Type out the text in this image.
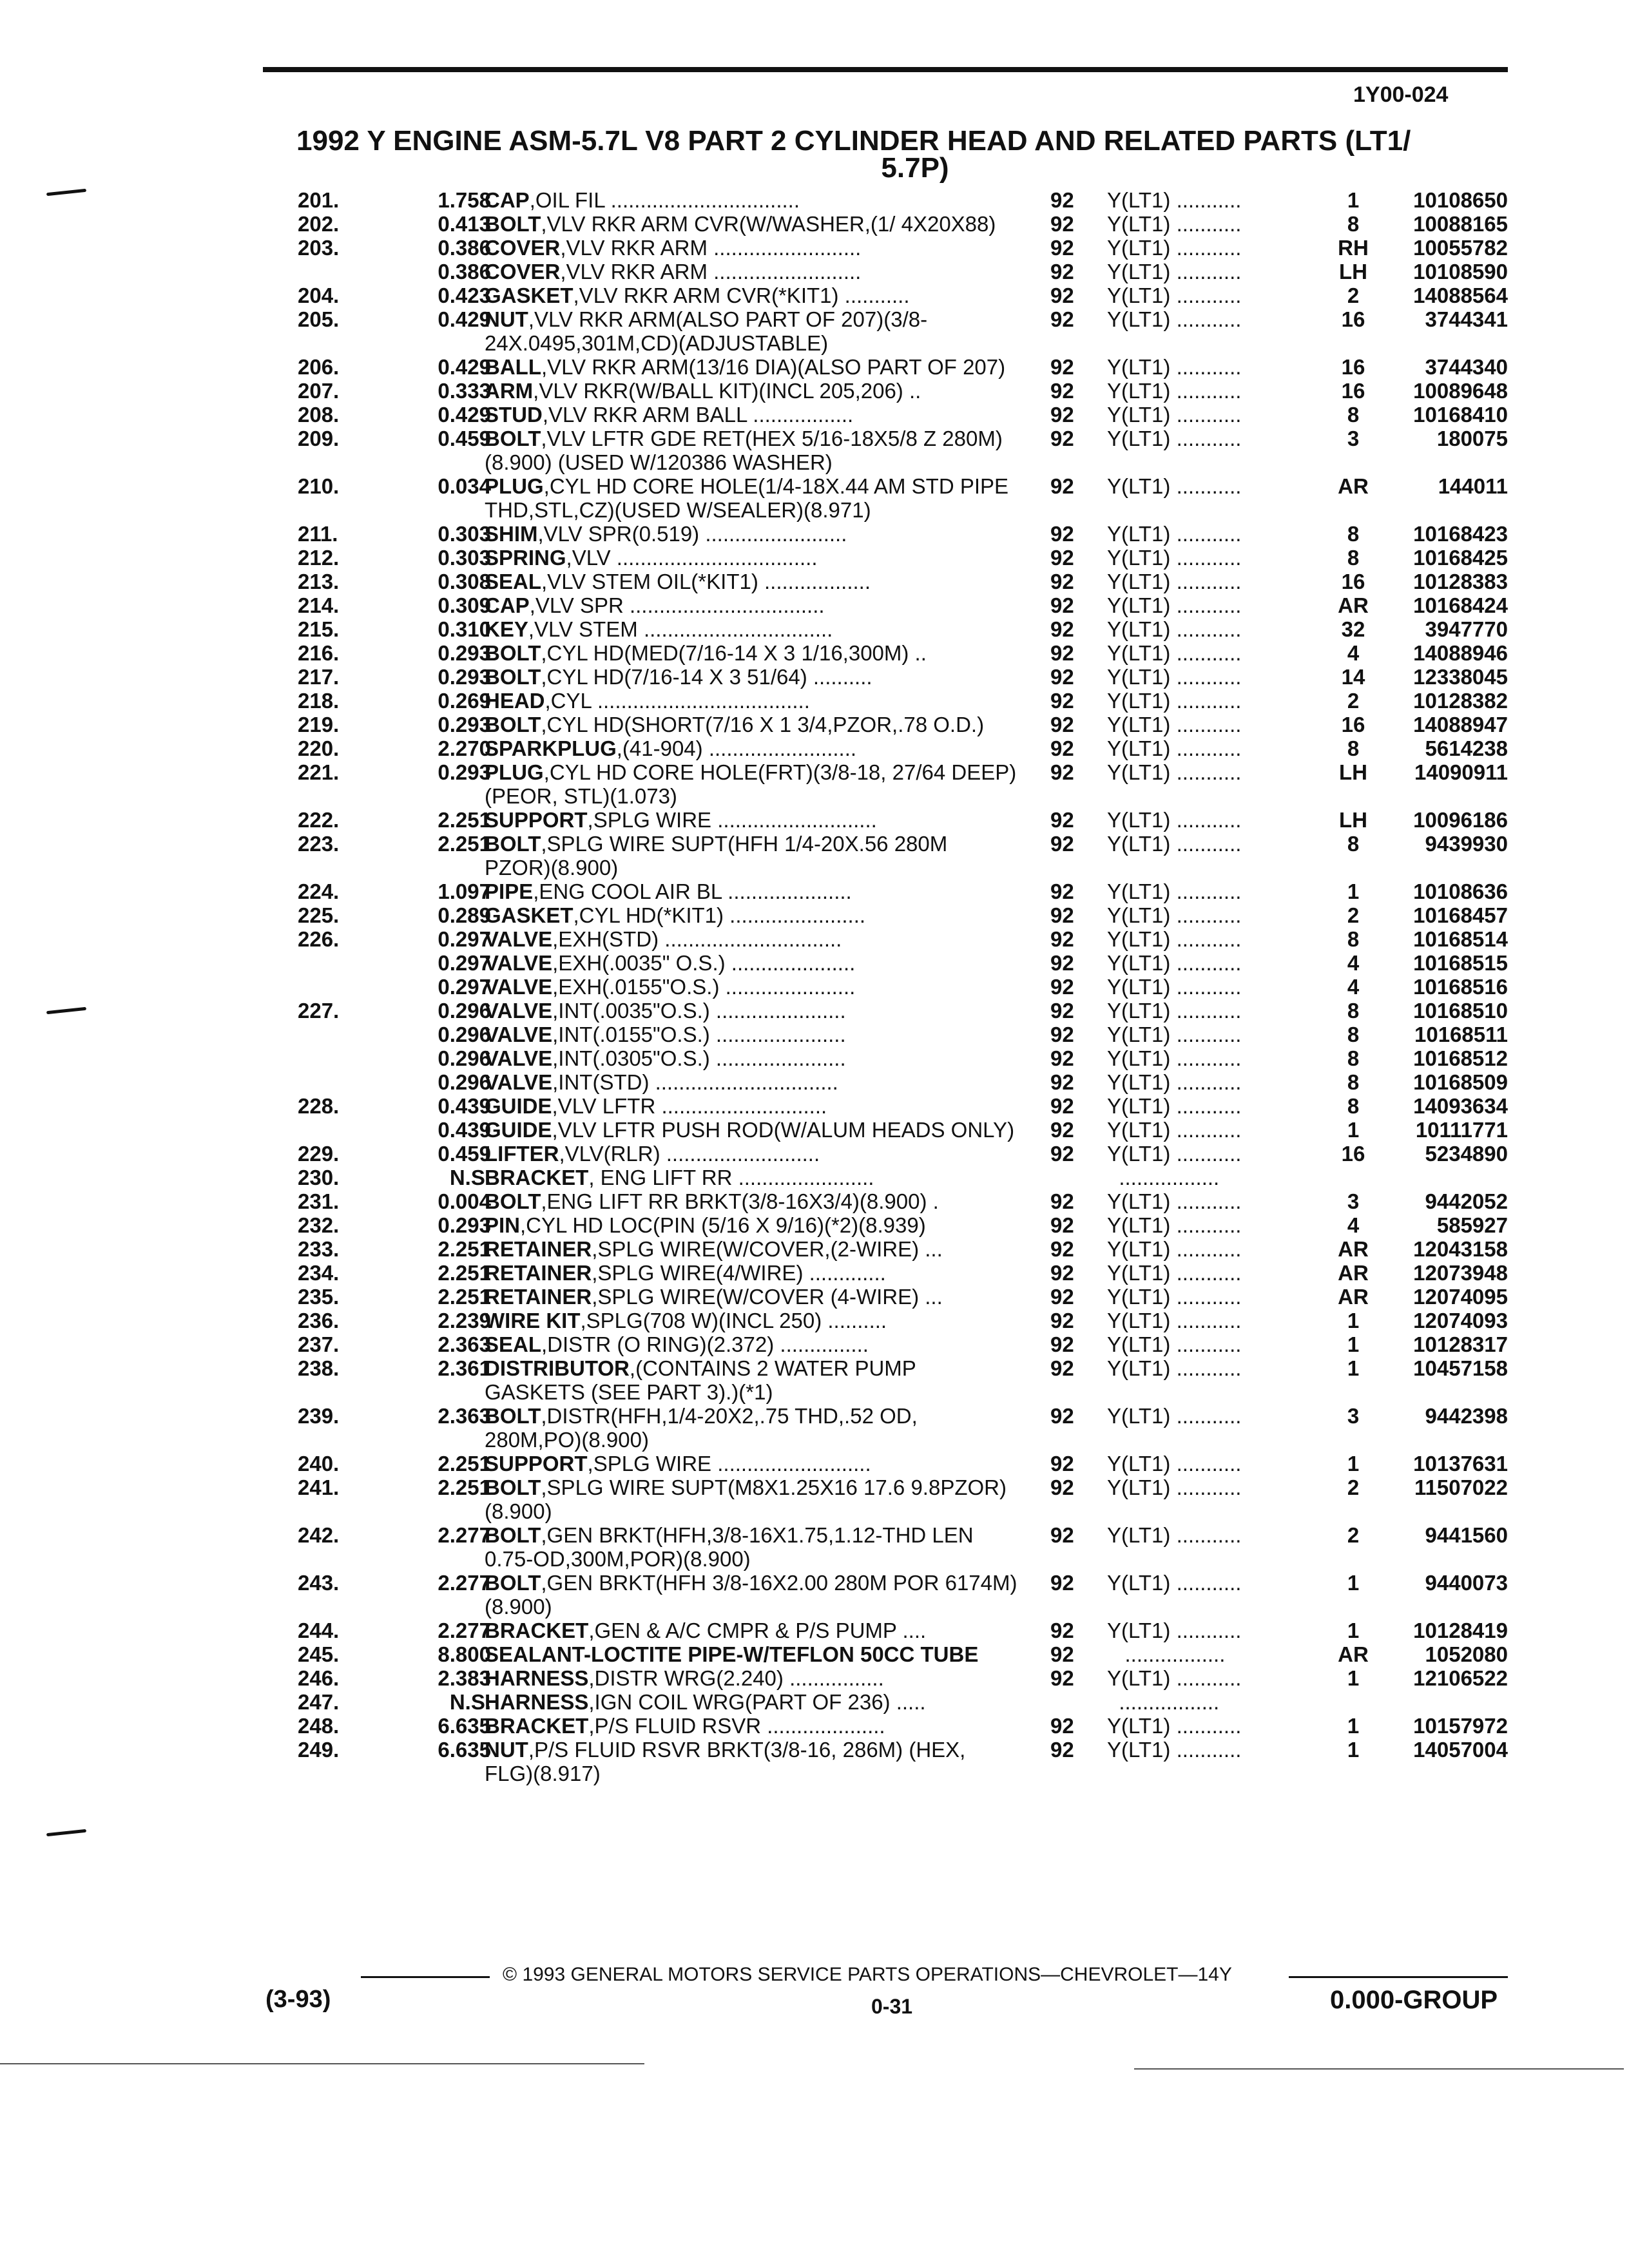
1Y00-024
1992 Y ENGINE ASM-5.7L V8 PART 2 CYLINDER HEAD AND RELATED PARTS (LT1/
5.7P)
201.	1.758	92	Y(LT1) ...........	1	10108650
CAP,OIL FIL ................................
202.	0.413	92	Y(LT1) ...........	8	10088165
BOLT,VLV RKR ARM CVR(W/WASHER,(1/ 4X20X88)
203.	0.386	92	Y(LT1) ...........	RH	10055782
COVER,VLV RKR ARM .........................
0.386	92	Y(LT1) ...........	LH	10108590
COVER,VLV RKR ARM .........................
204.	0.423	92	Y(LT1) ...........	2	14088564
GASKET,VLV RKR ARM CVR(*KIT1) ...........
205.	0.429	92	Y(LT1) ...........	16	3744341
NUT,VLV RKR ARM(ALSO PART OF 207)(3/8- 24X.0495,301M,CD)(ADJUSTABLE)
206.	0.429	92	Y(LT1) ...........	16	3744340
BALL,VLV RKR ARM(13/16 DIA)(ALSO PART OF 207)
207.	0.333	92	Y(LT1) ...........	16	10089648
ARM,VLV RKR(W/BALL KIT)(INCL 205,206) ..
208.	0.429	92	Y(LT1) ...........	8	10168410
STUD,VLV RKR ARM BALL .................
209.	0.459	92	Y(LT1) ...........	3	180075
BOLT,VLV LFTR GDE RET(HEX 5/16-18X5/8 Z 280M)(8.900) (USED W/120386 WASHER)
210.	0.034	92	Y(LT1) ...........	AR	144011
PLUG,CYL HD CORE HOLE(1/4-18X.44 AM STD PIPE THD,STL,CZ)(USED W/SEALER)(8.971)
211.	0.303	92	Y(LT1) ...........	8	10168423
SHIM,VLV SPR(0.519) ........................
212.	0.303	92	Y(LT1) ...........	8	10168425
SPRING,VLV ..................................
213.	0.308	92	Y(LT1) ...........	16	10128383
SEAL,VLV STEM OIL(*KIT1) ..................
214.	0.309	92	Y(LT1) ...........	AR	10168424
CAP,VLV SPR .................................
215.	0.310	92	Y(LT1) ...........	32	3947770
KEY,VLV STEM ................................
216.	0.293	92	Y(LT1) ...........	4	14088946
BOLT,CYL HD(MED(7/16-14 X 3 1/16,300M) ..
217.	0.293	92	Y(LT1) ...........	14	12338045
BOLT,CYL HD(7/16-14 X 3 51/64) ..........
218.	0.269	92	Y(LT1) ...........	2	10128382
HEAD,CYL ....................................
219.	0.293	92	Y(LT1) ...........	16	14088947
BOLT,CYL HD(SHORT(7/16 X 1 3/4,PZOR,.78 O.D.)
220.	2.270	92	Y(LT1) ...........	8	5614238
SPARKPLUG,(41-904) .........................
221.	0.293	92	Y(LT1) ...........	LH	14090911
PLUG,CYL HD CORE HOLE(FRT)(3/8-18, 27/64 DEEP)(PEOR, STL)(1.073)
222.	2.251	92	Y(LT1) ...........	LH	10096186
SUPPORT,SPLG WIRE ...........................
223.	2.251	92	Y(LT1) ...........	8	9439930
BOLT,SPLG WIRE SUPT(HFH 1/4-20X.56 280M PZOR)(8.900)
224.	1.097	92	Y(LT1) ...........	1	10108636
PIPE,ENG COOL AIR BL .....................
225.	0.289	92	Y(LT1) ...........	2	10168457
GASKET,CYL HD(*KIT1) .......................
226.	0.297	92	Y(LT1) ...........	8	10168514
VALVE,EXH(STD) ..............................
0.297	92	Y(LT1) ...........	4	10168515
VALVE,EXH(.0035" O.S.) .....................
0.297	92	Y(LT1) ...........	4	10168516
VALVE,EXH(.0155"O.S.) ......................
227.	0.296	92	Y(LT1) ...........	8	10168510
VALVE,INT(.0035"O.S.) ......................
0.296	92	Y(LT1) ...........	8	10168511
VALVE,INT(.0155"O.S.) ......................
0.296	92	Y(LT1) ...........	8	10168512
VALVE,INT(.0305"O.S.) ......................
0.296	92	Y(LT1) ...........	8	10168509
VALVE,INT(STD) ...............................
228.	0.439	92	Y(LT1) ...........	8	14093634
GUIDE,VLV LFTR ............................
0.439	92	Y(LT1) ...........	1	10111771
GUIDE,VLV LFTR PUSH ROD(W/ALUM HEADS ONLY)
229.	0.459	92	Y(LT1) ...........	16	5234890
LIFTER,VLV(RLR) ..........................
230.	N.S.	.................
BRACKET, ENG LIFT RR .......................
231.	0.004	92	Y(LT1) ...........	3	9442052
BOLT,ENG LIFT RR BRKT(3/8-16X3/4)(8.900) .
232.	0.293	92	Y(LT1) ...........	4	585927
PIN,CYL HD LOC(PIN (5/16 X 9/16)(*2)(8.939)
233.	2.251	92	Y(LT1) ...........	AR	12043158
RETAINER,SPLG WIRE(W/COVER,(2-WIRE) ...
234.	2.251	92	Y(LT1) ...........	AR	12073948
RETAINER,SPLG WIRE(4/WIRE) .............
235.	2.251	92	Y(LT1) ...........	AR	12074095
RETAINER,SPLG WIRE(W/COVER (4-WIRE) ...
236.	2.239	92	Y(LT1) ...........	1	12074093
WIRE KIT,SPLG(708 W)(INCL 250) ..........
237.	2.363	92	Y(LT1) ...........	1	10128317
SEAL,DISTR (O RING)(2.372) ...............
238.	2.361	92	Y(LT1) ...........	1	10457158
DISTRIBUTOR,(CONTAINS 2 WATER PUMP GASKETS (SEE PART 3).)(*1)
239.	2.363	92	Y(LT1) ...........	3	9442398
BOLT,DISTR(HFH,1/4-20X2,.75 THD,.52 OD, 280M,PO)(8.900)
240.	2.251	92	Y(LT1) ...........	1	10137631
SUPPORT,SPLG WIRE ..........................
241.	2.251	92	Y(LT1) ...........	2	11507022
BOLT,SPLG WIRE SUPT(M8X1.25X16 17.6 9.8PZOR)(8.900)
242.	2.277	92	Y(LT1) ...........	2	9441560
BOLT,GEN BRKT(HFH,3/8-16X1.75,1.12-THD LEN 0.75-OD,300M,POR)(8.900)
243.	2.277	92	Y(LT1) ...........	1	9440073
BOLT,GEN BRKT(HFH 3/8-16X2.00 280M POR 6174M)(8.900)
244.	2.277	92	Y(LT1) ...........	1	10128419
BRACKET,GEN & A/C CMPR & P/S PUMP ....
245.	8.800	92	.................	AR	1052080
SEALANT-LOCTITE PIPE-W/TEFLON 50CC TUBE
246.	2.383	92	Y(LT1) ...........	1	12106522
HARNESS,DISTR WRG(2.240) ................
247.	N.S.	.................
HARNESS,IGN COIL WRG(PART OF 236) .....
248.	6.635	92	Y(LT1) ...........	1	10157972
BRACKET,P/S FLUID RSVR ....................
249.	6.635	92	Y(LT1) ...........	1	14057004
NUT,P/S FLUID RSVR BRKT(3/8-16, 286M) (HEX, FLG)(8.917)
© 1993 GENERAL MOTORS SERVICE PARTS OPERATIONS—CHEVROLET—14Y
(3-93)	0-31	0.000-GROUP
